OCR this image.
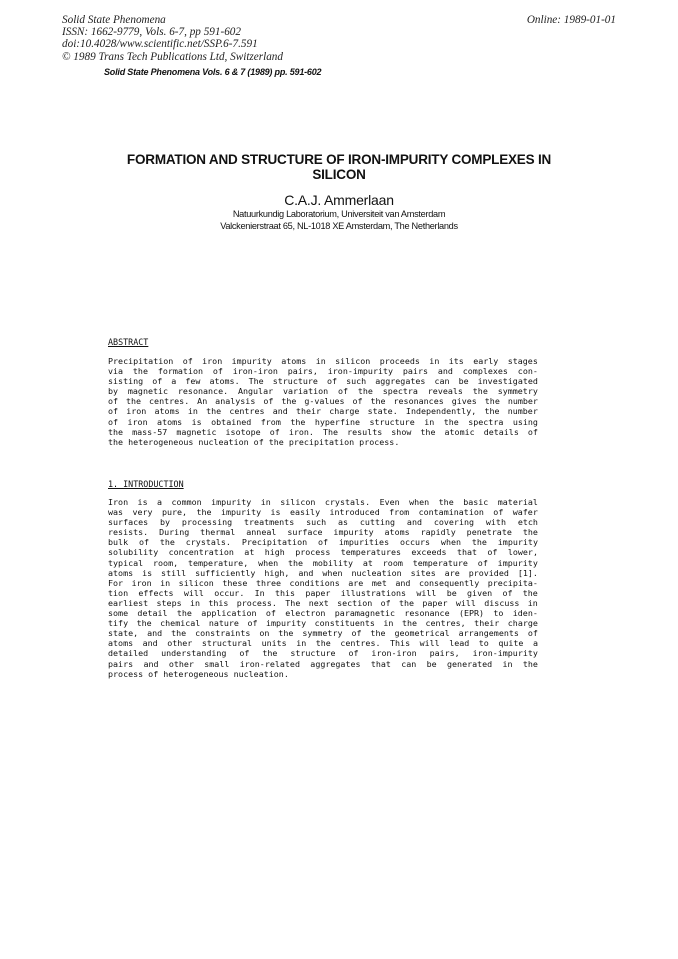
Solid State Phenomena
ISSN: 1662-9779, Vols. 6-7, pp 591-602
doi:10.4028/www.scientific.net/SSP.6-7.591
© 1989 Trans Tech Publications Ltd, Switzerland
Online: 1989-01-01
Solid State Phenomena Vols. 6 & 7 (1989) pp. 591-602
FORMATION AND STRUCTURE OF IRON-IMPURITY COMPLEXES IN
SILICON
C.A.J. Ammerlaan
Natuurkundig Laboratorium, Universiteit van Amsterdam
Valckenierstraat 65, NL-1018 XE Amsterdam, The Netherlands
ABSTRACT
Precipitation of iron impurity atoms in silicon proceeds in its early stages
via the formation of iron-iron pairs, iron-impurity pairs and complexes con-
sisting of a few atoms. The structure of such aggregates can be investigated
by magnetic resonance. Angular variation of the spectra reveals the symmetry
of the centres. An analysis of the g-values of the resonances gives the number
of iron atoms in the centres and their charge state. Independently, the number
of iron atoms is obtained from the hyperfine structure in the spectra using
the mass-57 magnetic isotope of iron. The results show the atomic details of
the heterogeneous nucleation of the precipitation process.
1. INTRODUCTION
Iron is a common impurity in silicon crystals. Even when the basic material
was very pure, the impurity is easily introduced from contamination of wafer
surfaces by processing treatments such as cutting and covering with etch
resists. During thermal anneal surface impurity atoms rapidly penetrate the
bulk of the crystals. Precipitation of impurities occurs when the impurity
solubility concentration at high process temperatures exceeds that of lower,
typical room, temperature, when the mobility at room temperature of impurity
atoms is still sufficiently high, and when nucleation sites are provided [1].
For iron in silicon these three conditions are met and consequently precipita-
tion effects will occur. In this paper illustrations will be given of the
earliest steps in this process. The next section of the paper will discuss in
some detail the application of electron paramagnetic resonance (EPR) to iden-
tify the chemical nature of impurity constituents in the centres, their charge
state, and the constraints on the symmetry of the geometrical arrangements of
atoms and other structural units in the centres. This will lead to quite a
detailed understanding of the structure of iron-iron pairs, iron-impurity
pairs and other small iron-related aggregates that can be generated in the
process of heterogeneous nucleation.
